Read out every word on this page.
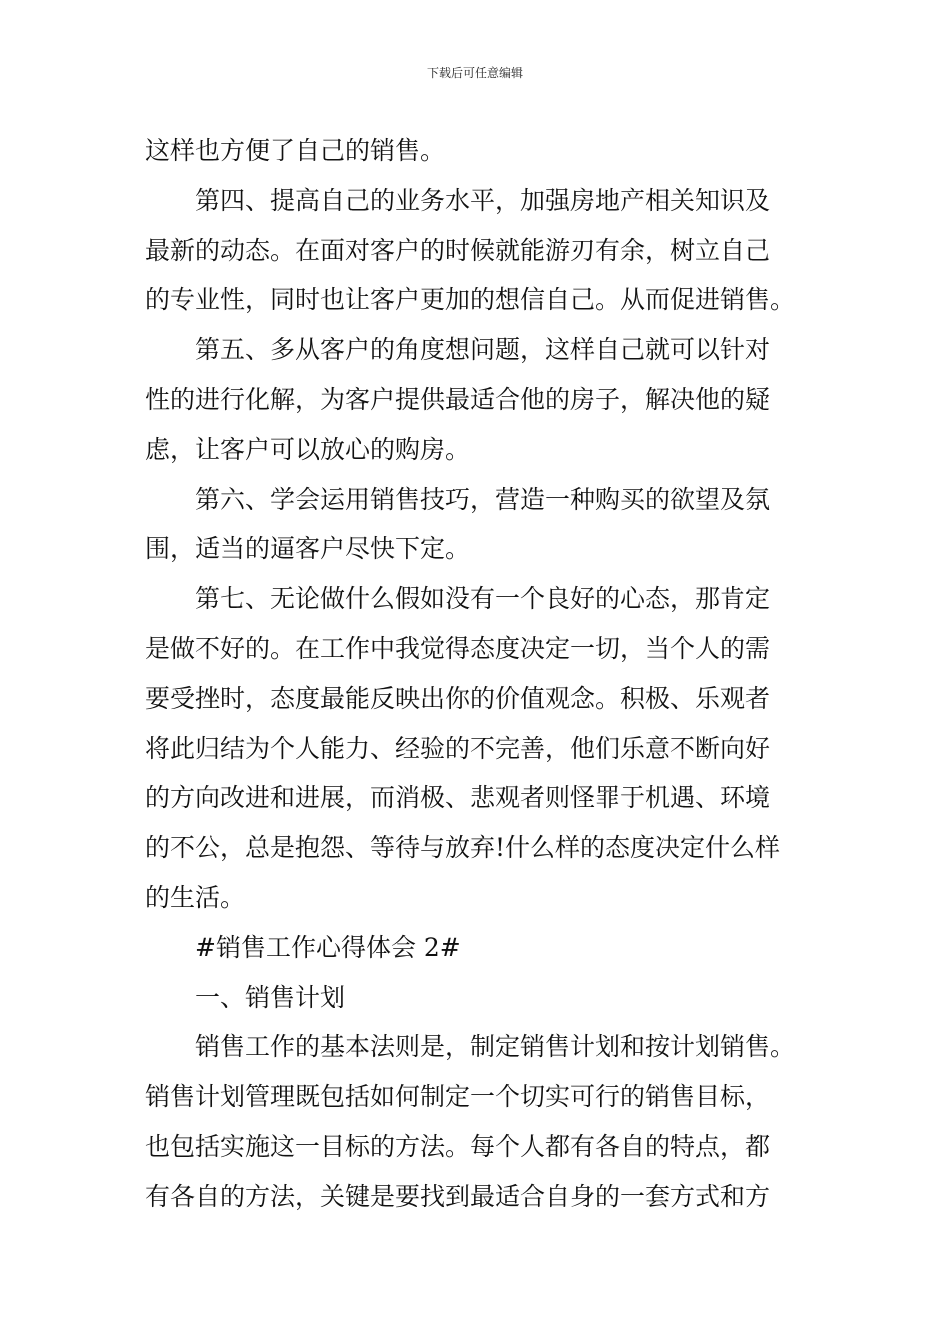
下载后可任意编辑
这样也方便了自己的销售。
第四、提高自己的业务水平，加强房地产相关知识及
最新的动态。在面对客户的时候就能游刃有余，树立自己
的专业性，同时也让客户更加的想信自己。从而促进销售。
第五、多从客户的角度想问题，这样自己就可以针对
性的进行化解，为客户提供最适合他的房子，解决他的疑
虑，让客户可以放心的购房。
第六、学会运用销售技巧，营造一种购买的欲望及氛
围，适当的逼客户尽快下定。
第七、无论做什么假如没有一个良好的心态，那肯定
是做不好的。在工作中我觉得态度决定一切，当个人的需
要受挫时，态度最能反映出你的价值观念。积极、乐观者
将此归结为个人能力、经验的不完善，他们乐意不断向好
的方向改进和进展，而消极、悲观者则怪罪于机遇、环境
的不公，总是抱怨、等待与放弃!什么样的态度决定什么样
的生活。
#销售工作心得体会 2#
一、销售计划
销售工作的基本法则是，制定销售计划和按计划销售。
销售计划管理既包括如何制定一个切实可行的销售目标，
也包括实施这一目标的方法。每个人都有各自的特点，都
有各自的方法，关键是要找到最适合自身的一套方式和方
